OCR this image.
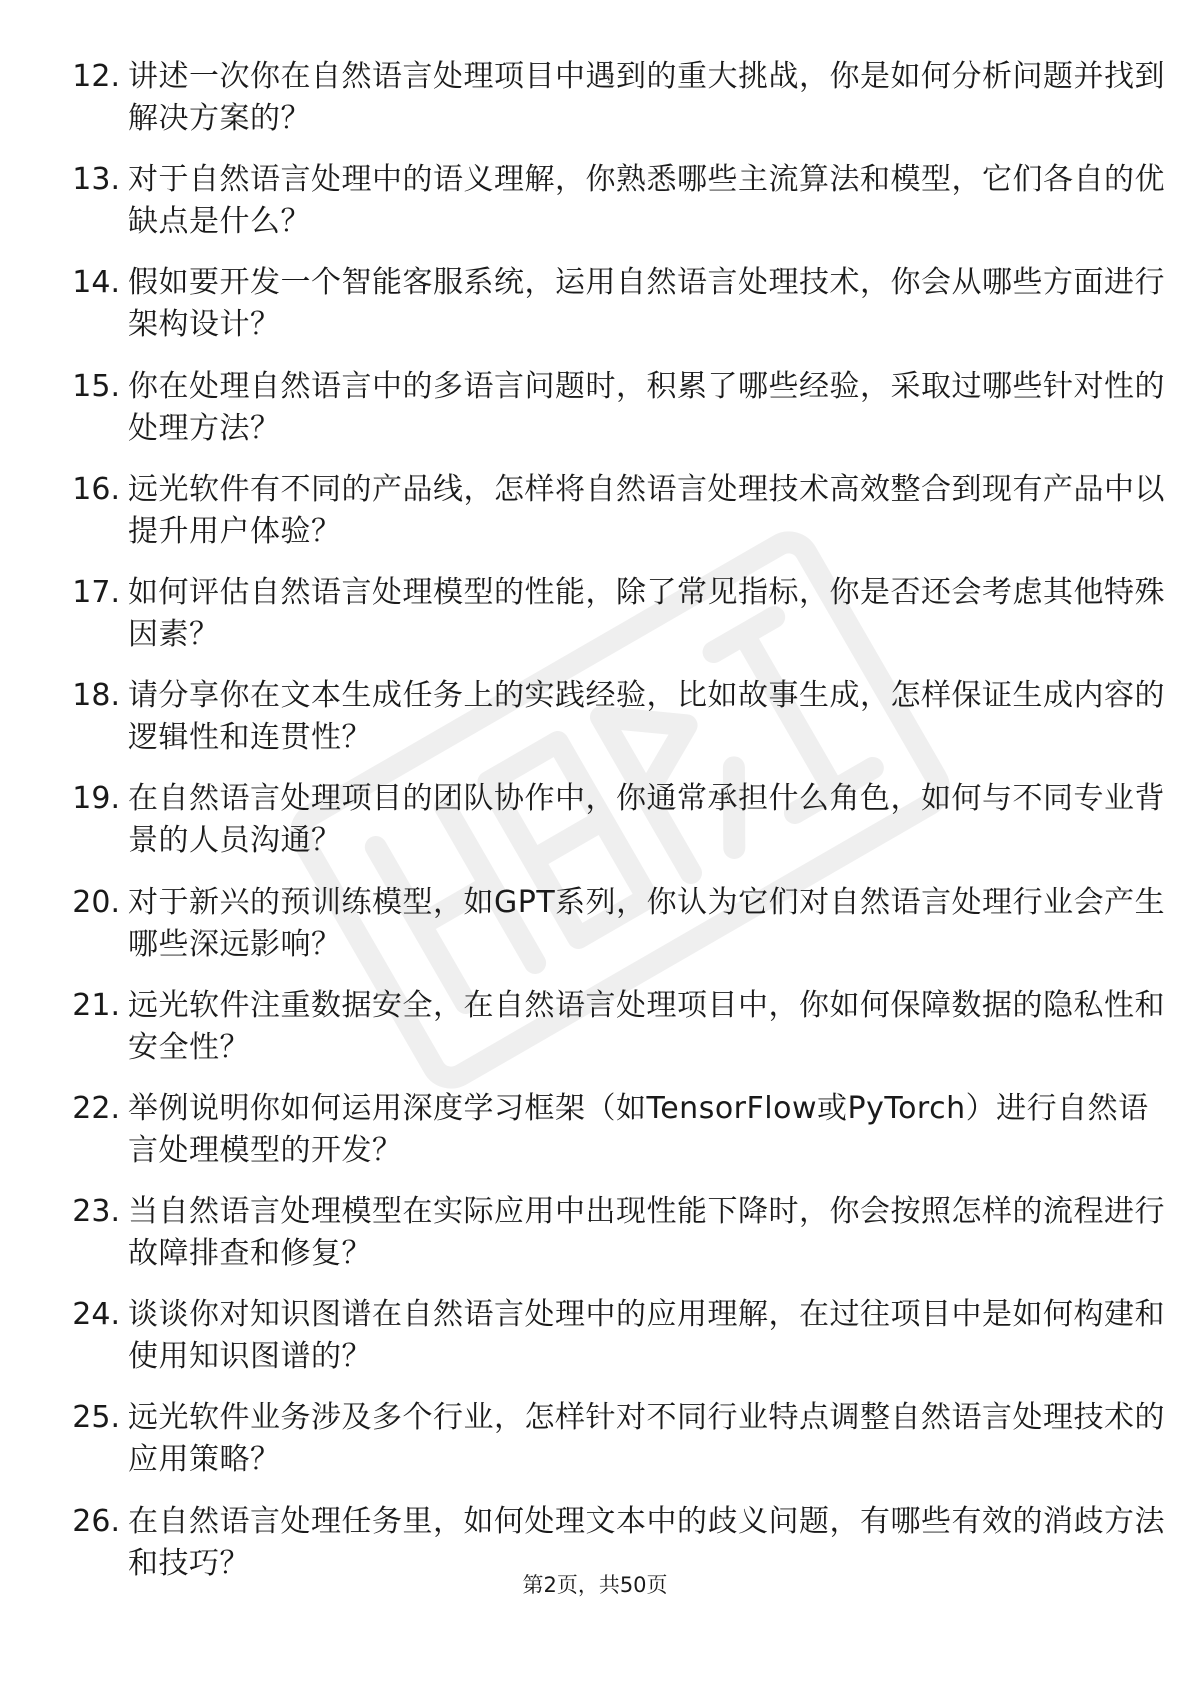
12. 讲述一次你在自然语言处理项目中遇到的重大挑战，你是如何分析问题并找到解决方案的？
13. 对于自然语言处理中的语义理解，你熟悉哪些主流算法和模型，它们各自的优缺点是什么？
14. 假如要开发一个智能客服系统，运用自然语言处理技术，你会从哪些方面进行架构设计？
15. 你在处理自然语言中的多语言问题时，积累了哪些经验，采取过哪些针对性的处理方法？
16. 远光软件有不同的产品线，怎样将自然语言处理技术高效整合到现有产品中以提升用户体验？
17. 如何评估自然语言处理模型的性能，除了常见指标，你是否还会考虑其他特殊因素？
18. 请分享你在文本生成任务上的实践经验，比如故事生成，怎样保证生成内容的逻辑性和连贯性？
19. 在自然语言处理项目的团队协作中，你通常承担什么角色，如何与不同专业背景的人员沟通？
20. 对于新兴的预训练模型，如GPT系列，你认为它们对自然语言处理行业会产生哪些深远影响？
21. 远光软件注重数据安全，在自然语言处理项目中，你如何保障数据的隐私性和安全性？
22. 举例说明你如何运用深度学习框架（如TensorFlow或PyTorch）进行自然语言处理模型的开发？
23. 当自然语言处理模型在实际应用中出现性能下降时，你会按照怎样的流程进行故障排查和修复？
24. 谈谈你对知识图谱在自然语言处理中的应用理解，在过往项目中是如何构建和使用知识图谱的？
25. 远光软件业务涉及多个行业，怎样针对不同行业特点调整自然语言处理技术的应用策略？
26. 在自然语言处理任务里，如何处理文本中的歧义问题，有哪些有效的消歧方法和技巧？
第2页，共50页
